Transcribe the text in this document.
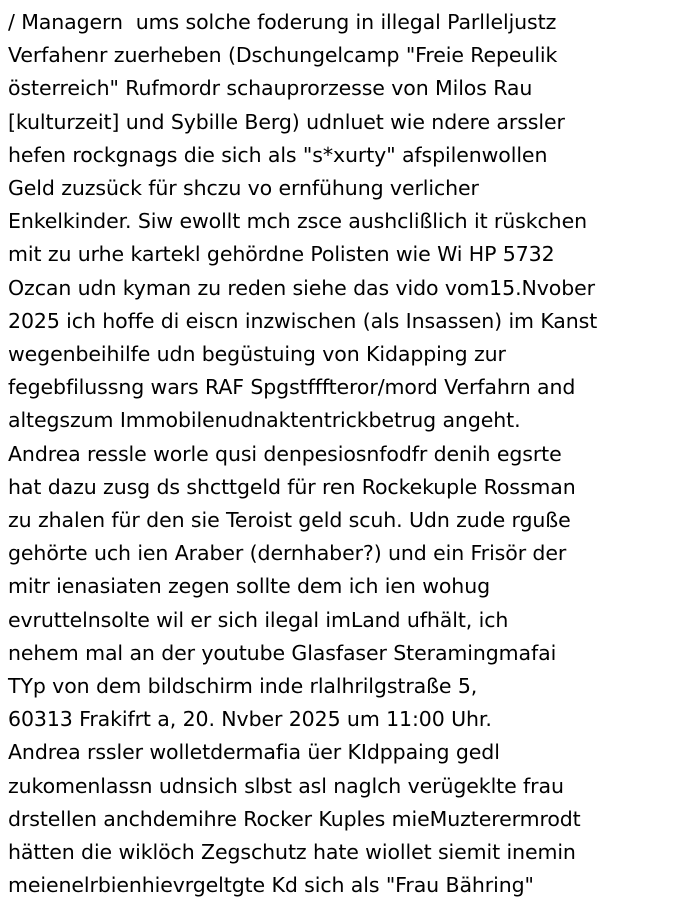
/ Managern  ums solche foderung in illegal Parlleljustz
Verfahenr zuerheben (Dschungelcamp "Freie Repeulik
österreich" Rufmordr schauprorzesse von Milos Rau
[kulturzeit] und Sybille Berg) udnluet wie ndere arssler
hefen rockgnags die sich als "s*xurty" afspilenwollen
Geld zuzsück für shczu vo ernfühung verlicher
Enkelkinder. Siw ewollt mch zsce aushclißlich it rüskchen
mit zu urhe kartekl gehördne Polisten wie Wi HP 5732
Ozcan udn kyman zu reden siehe das vido vom15.Nvober
2025 ich hoffe di eiscn inzwischen (als Insassen) im Kanst
wegenbeihilfe udn begüstuing von Kidapping zur
fegebfilussng wars RAF Spgstfffteror/mord Verfahrn and
altegszum Immobilenudnaktentrickbetrug angeht.
Andrea ressle worle qusi denpesiosnfodfr denih egsrte
hat dazu zusg ds shcttgeld für ren Rockekuple Rossman
zu zhalen für den sie Teroist geld scuh. Udn zude rguße
gehörte uch ien Araber (dernhaber?) und ein Frisör der
mitr ienasiaten zegen sollte dem ich ien wohug
evruttelnsolte wil er sich ilegal imLand ufhält, ich
nehem mal an der youtube Glasfaser Steramingmafai
TYp von dem bildschirm inde rlalhrilgstraße 5,
60313 Frakifrt a, 20. Nvber 2025 um 11:00 Uhr.
Andrea rssler wolletdermafia üer KIdppaing gedl
zukomenlassn udnsich slbst asl naglch verügeklte frau
drstellen anchdemihre Rocker Kuples mieMuzterermrodt
hätten die wiklöch Zegschutz hate wiollet siemit inemin
meienelrbienhievrgeltgte Kd sich als "Frau Bähring"
